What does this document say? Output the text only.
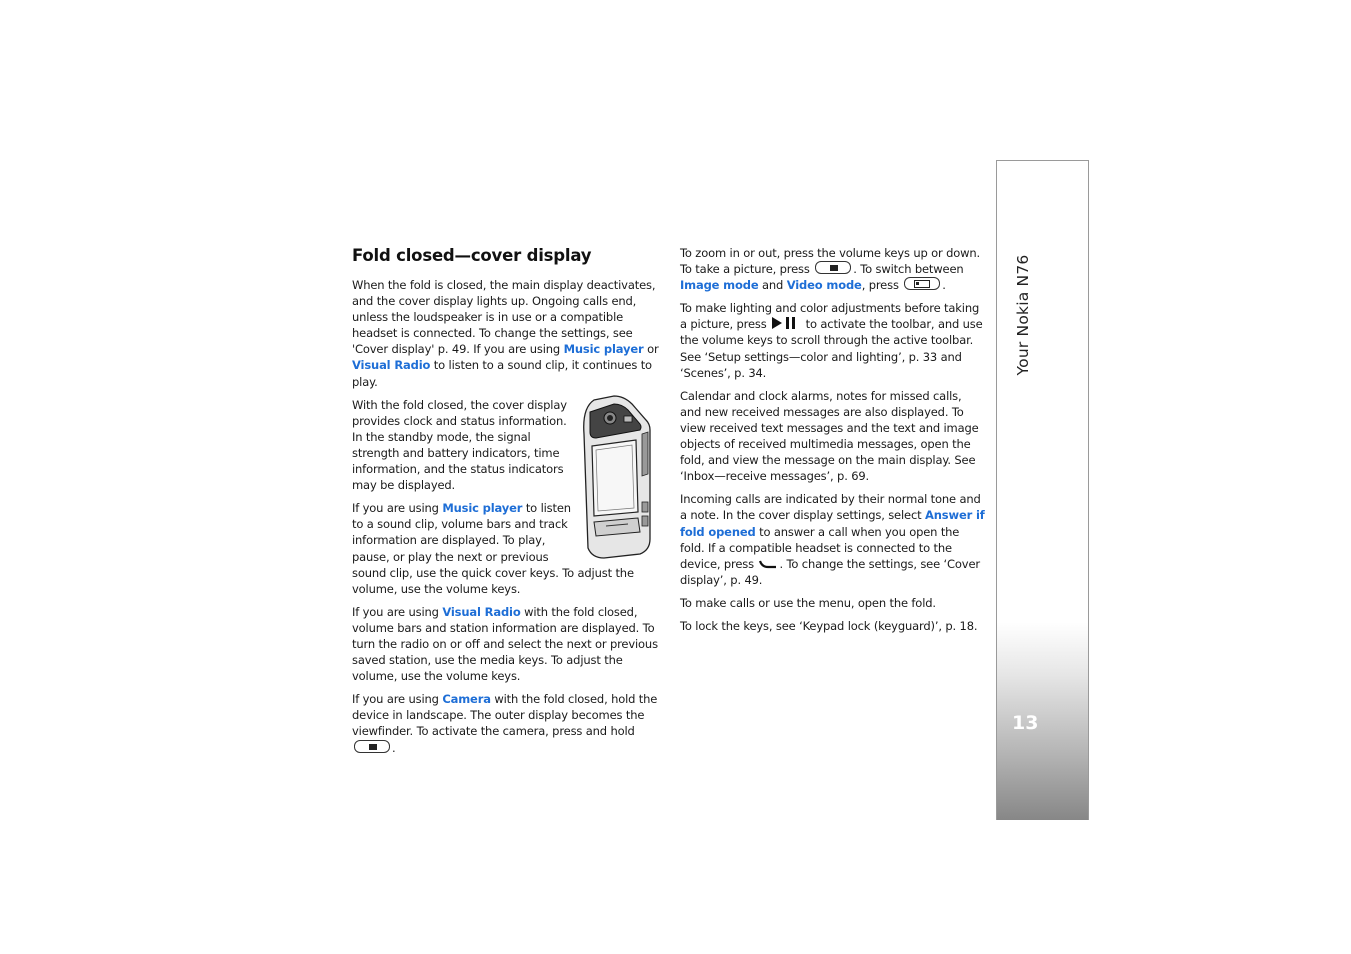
Fold closed—cover display

When the fold is closed, the main display deactivates, and the cover display lights up. Ongoing calls end, unless the loudspeaker is in use or a compatible headset is connected. To change the settings, see 'Cover display' p. 49. If you are using Music player or Visual Radio to listen to a sound clip, it continues to play.

With the fold closed, the cover display provides clock and status information. In the standby mode, the signal strength and battery indicators, time information, and the status indicators may be displayed.

If you are using Music player to listen to a sound clip, volume bars and track information are displayed. To play, pause, or play the next or previous sound clip, use the quick cover keys. To adjust the volume, use the volume keys.

If you are using Visual Radio with the fold closed, volume bars and station information are displayed. To turn the radio on or off and select the next or previous saved station, use the media keys. To adjust the volume, use the volume keys.

If you are using Camera with the fold closed, hold the device in landscape. The outer display becomes the viewfinder. To activate the camera, press and hold .

To zoom in or out, press the volume keys up or down. To take a picture, press	. To switch between Image mode and Video mode, press	.

To make lighting and color adjustments before taking a picture, press	to activate the toolbar, and use the volume keys to scroll through the active toolbar. See ‘Setup settings—color and lighting’, p. 33 and ‘Scenes’, p. 34.

Calendar and clock alarms, notes for missed calls, and new received messages are also displayed. To view received text messages and the text and image objects of received multimedia messages, open the fold, and view the message on the main display. See ‘Inbox—receive messages’, p. 69.

Incoming calls are indicated by their normal tone and a note. In the cover display settings, select Answer if fold opened to answer a call when you open the fold. If a compatible headset is connected to the device, press . To change the settings, see ‘Cover display’, p. 49.

To make calls or use the menu, open the fold.

To lock the keys, see ‘Keypad lock (keyguard)’, p. 18.

Your Nokia N76
13
